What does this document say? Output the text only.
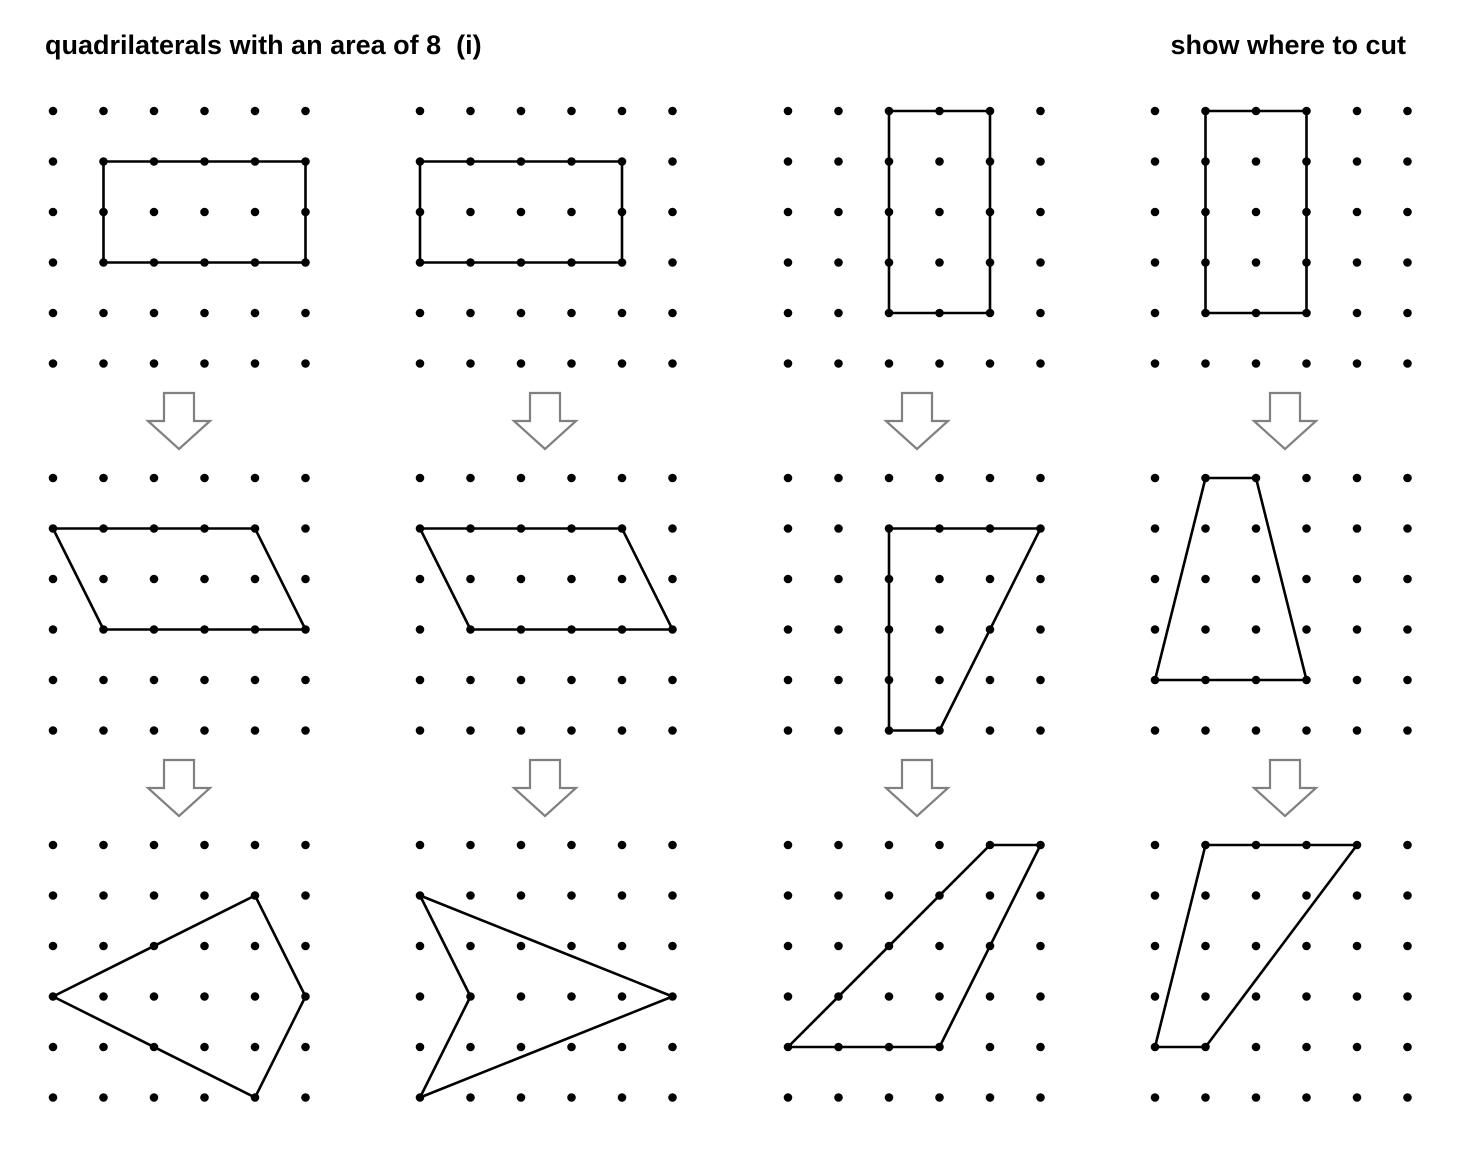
quadrilaterals with an area of 8  (i)	show where to cut
